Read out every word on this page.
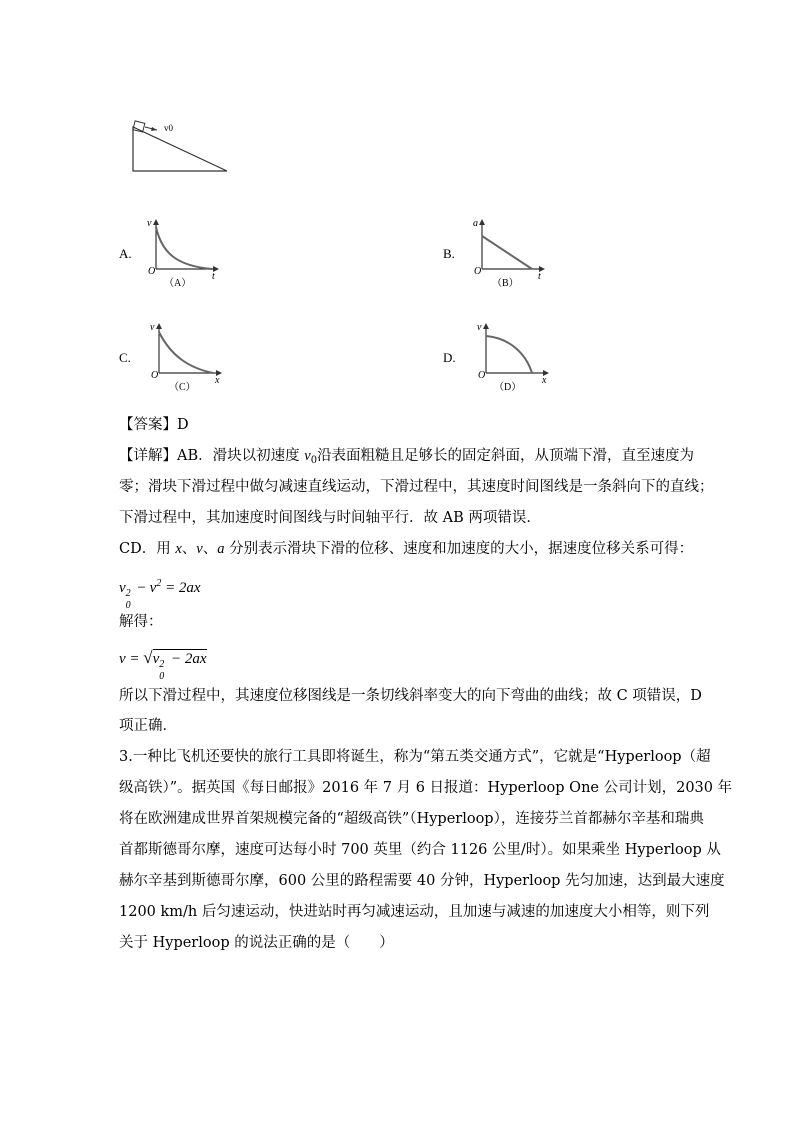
v0
A.
v
t
O
（A）
B.
a
t
O
（B）
C.
v
x
O
（C）
D.
v
x
O
（D）
【答案】D
【详解】AB．滑块以初速度 $v_0$沿表面粗糙且足够长的固定斜面，从顶端下滑，直至速度为
零；滑块下滑过程中做匀减速直线运动，下滑过程中，其速度时间图线是一条斜向下的直线；
下滑过程中，其加速度时间图线与时间轴平行．故 AB 两项错误．
CD．用 x、v、a 分别表示滑块下滑的位移、速度和加速度的大小，据速度位移关系可得：
v 2
0
− $v^2 = 2ax$
解得：
v = √v 2
0
− 2ax
所以下滑过程中，其速度位移图线是一条切线斜率变大的向下弯曲的曲线；故 C 项错误，D
项正确．
3.一种比飞机还要快的旅行工具即将诞生，称为“第五类交通方式”，它就是“Hyperloop（超
级高铁）”。据英国《每日邮报》2016 年 7 月 6 日报道：Hyperloop One 公司计划，2030 年
将在欧洲建成世界首架规模完备的“超级高铁”（Hyperloop），连接芬兰首都赫尔辛基和瑞典
首都斯德哥尔摩，速度可达每小时 700 英里（约合 1126 公里/时）。如果乘坐 Hyperloop 从
赫尔辛基到斯德哥尔摩，600 公里的路程需要 40 分钟，Hyperloop 先匀加速，达到最大速度
1200 km/h 后匀速运动，快进站时再匀减速运动，且加速与减速的加速度大小相等，则下列
关于 Hyperloop 的说法正确的是（　　）
